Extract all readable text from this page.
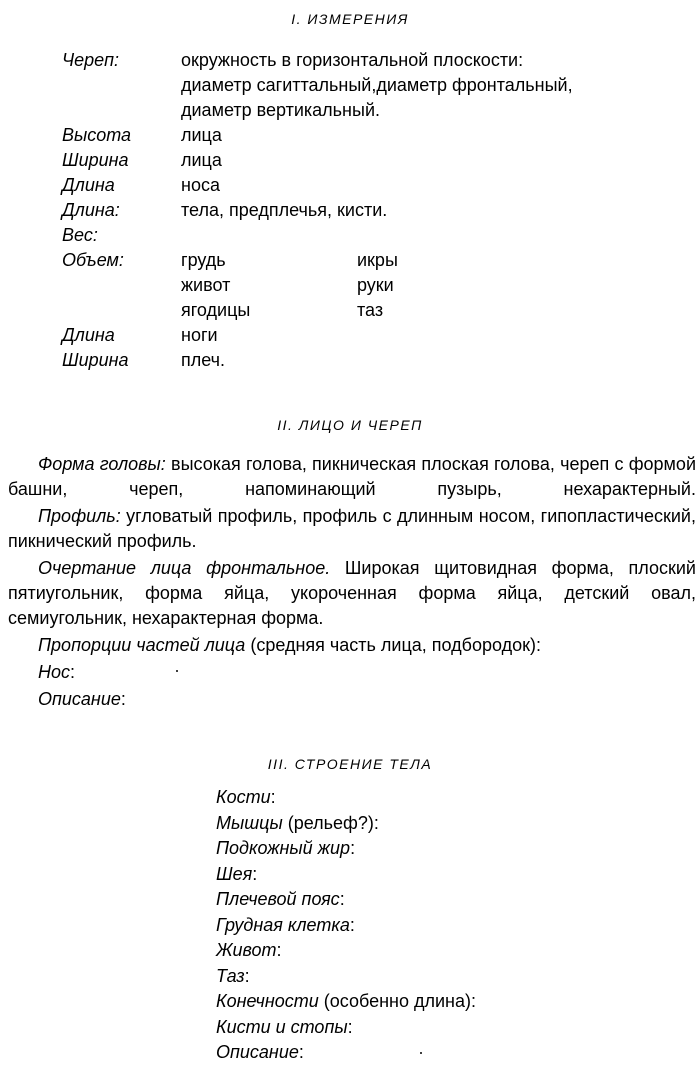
I. ИЗМЕРЕНИЯ
Череп:	окружность в горизонтальной плоскости:
диаметр сагиттальный,диаметр фронтальный,
диаметр вертикальный.
Высота	лица
Ширина	лица
Длина	носа
Длина:	тела, предплечья, кисти.
Вес:
Объем:	грудь	икры
живот	руки
ягодицы	таз
Длина	ноги
Ширина	плеч.
II. ЛИЦО И ЧЕРЕП

Форма головы: высокая голова, пикническая плоская голова, череп с формой башни, череп, напоминающий пузырь, нехарактерный.

Профиль: угловатый профиль, профиль с длинным носом, гипопластический, пикнический профиль.

Очертание лица фронтальное. Широкая щитовидная форма, плоский пятиугольник, форма яйца, укороченная форма яйца, детский овал, семиугольник, нехарактерная форма.

Пропорции частей лица (средняя часть лица, подбородок):

Нос:

Описание:

III. СТРОЕНИЕ ТЕЛА
Кости:
Мышцы (рельеф?):
Подкожный жир:
Шея:
Плечевой пояс:
Грудная клетка:
Живот:
Таз:
Конечности (особенно длина):
Кисти и стопы:
Описание:
